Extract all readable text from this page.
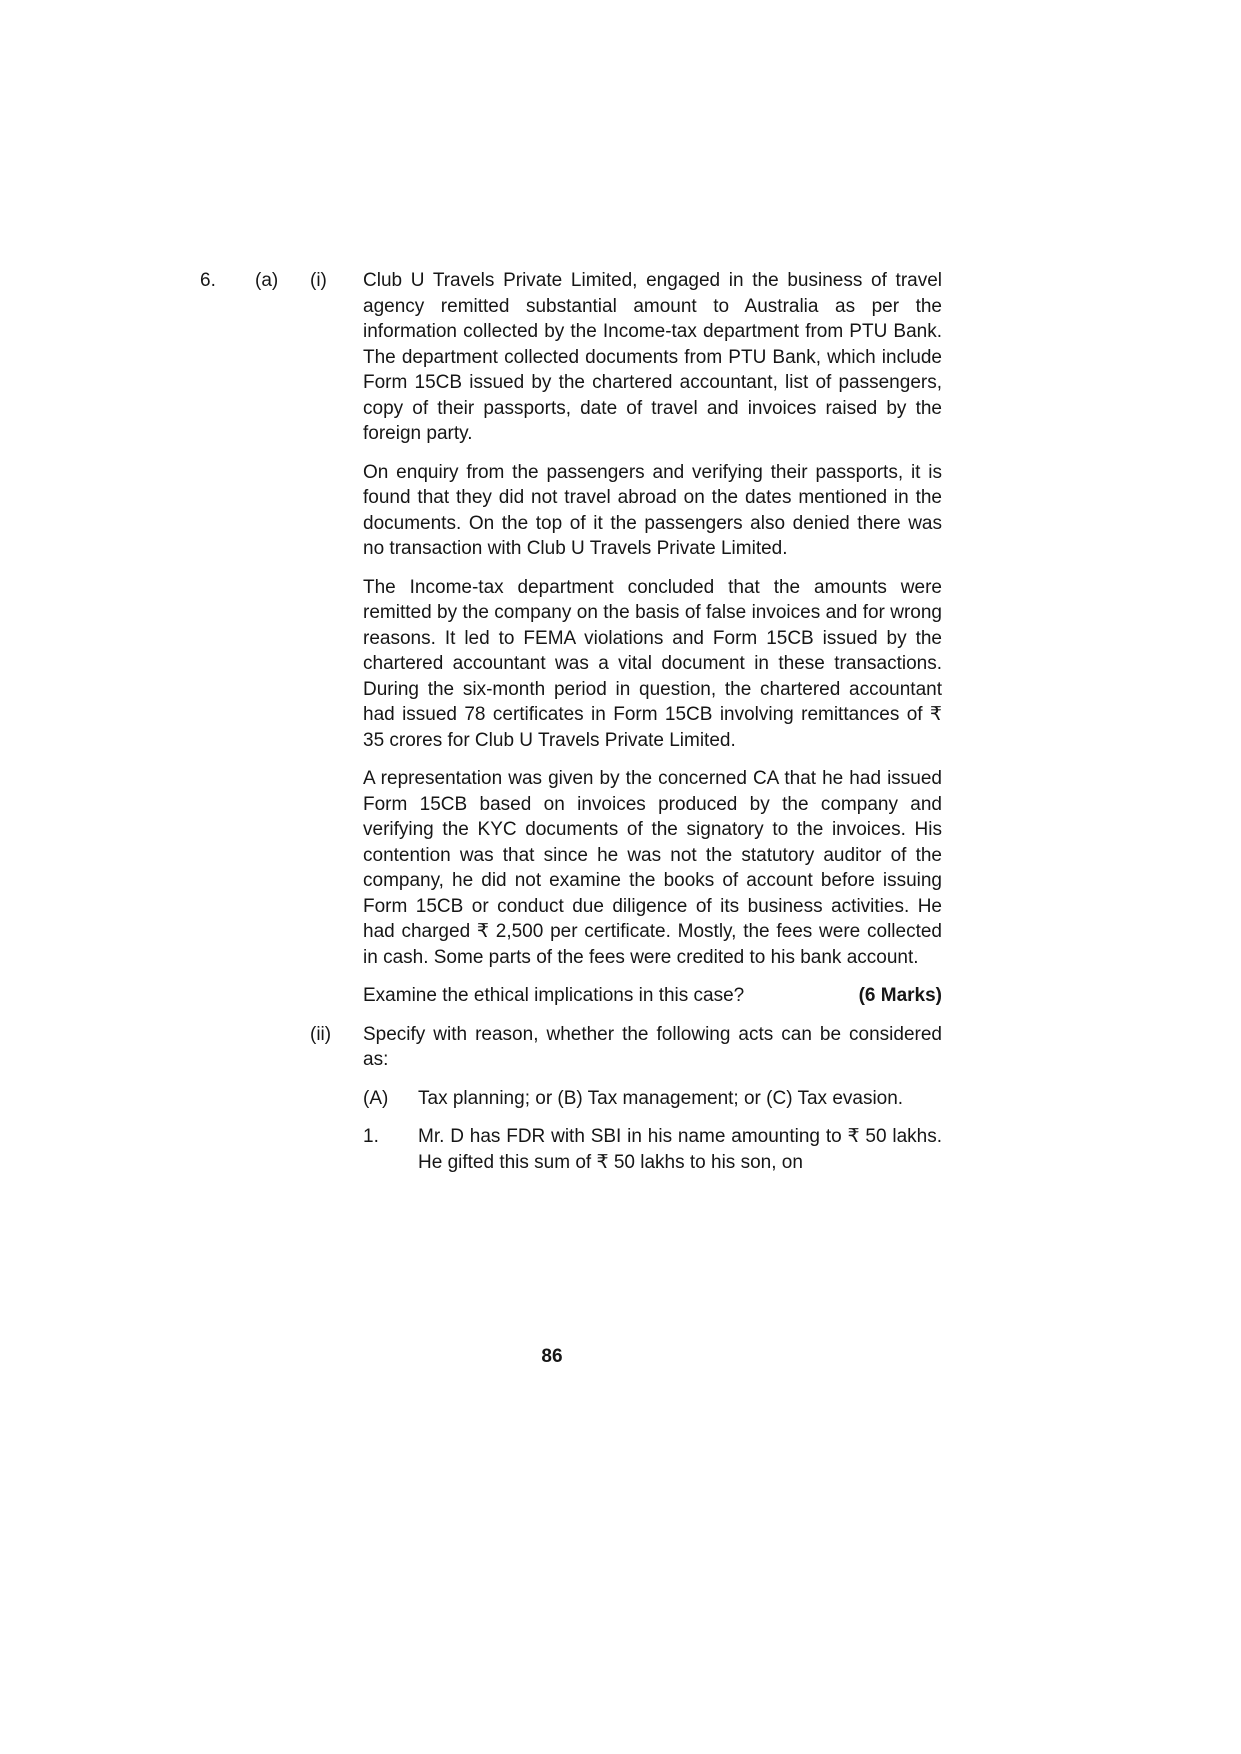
6.	(a)	(i)	Club U Travels Private Limited, engaged in the business of travel agency remitted substantial amount to Australia as per the information collected by the Income-tax department from PTU Bank. The department collected documents from PTU Bank, which include Form 15CB issued by the chartered accountant, list of passengers, copy of their passports, date of travel and invoices raised by the foreign party.

On enquiry from the passengers and verifying their passports, it is found that they did not travel abroad on the dates mentioned in the documents. On the top of it the passengers also denied there was no transaction with Club U Travels Private Limited.

The Income-tax department concluded that the amounts were remitted by the company on the basis of false invoices and for wrong reasons. It led to FEMA violations and Form 15CB issued by the chartered accountant was a vital document in these transactions. During the six-month period in question, the chartered accountant had issued 78 certificates in Form 15CB involving remittances of ₹ 35 crores for Club U Travels Private Limited.

A representation was given by the concerned CA that he had issued Form 15CB based on invoices produced by the company and verifying the KYC documents of the signatory to the invoices. His contention was that since he was not the statutory auditor of the company, he did not examine the books of account before issuing Form 15CB or conduct due diligence of its business activities. He had charged ₹ 2,500 per certificate. Mostly, the fees were collected in cash. Some parts of the fees were credited to his bank account.

Examine the ethical implications in this case?	(6 Marks)
(ii)	Specify with reason, whether the following acts can be considered as:

(A)	Tax planning; or (B) Tax management; or (C) Tax evasion.
1.	Mr. D has FDR with SBI in his name amounting to ₹ 50 lakhs. He gifted this sum of ₹ 50 lakhs to his son, on
86
